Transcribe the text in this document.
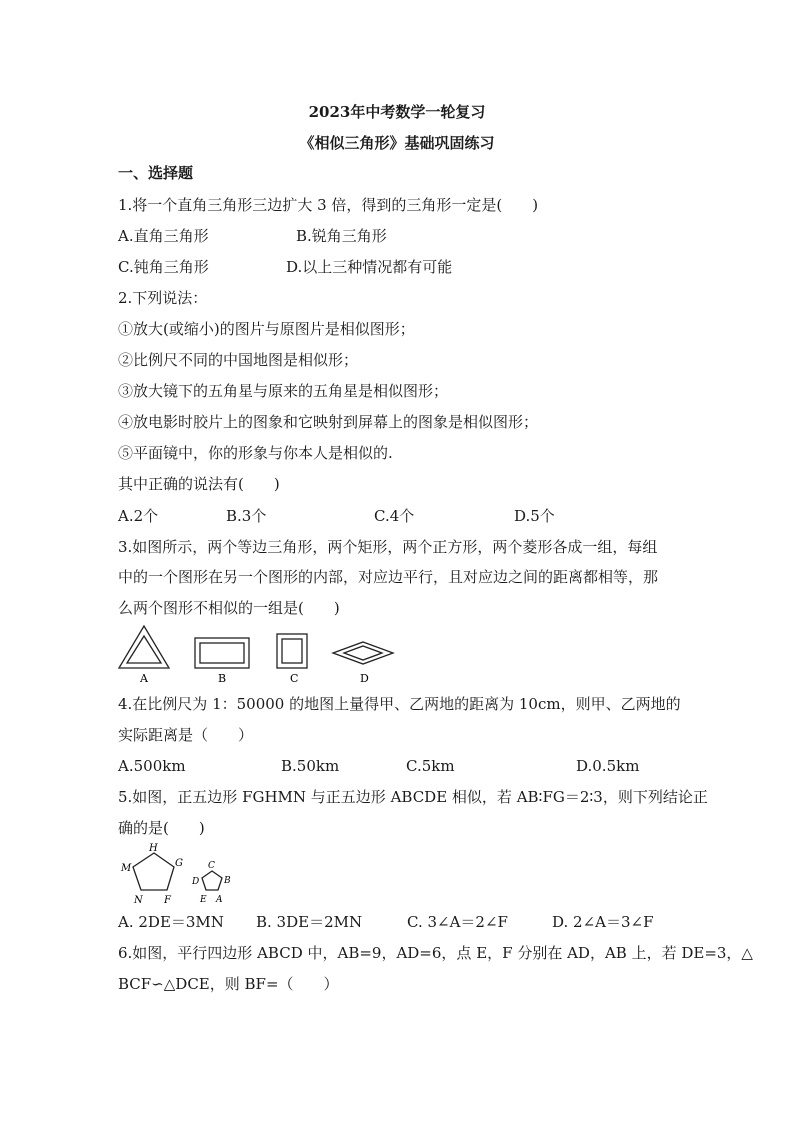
2023年中考数学一轮复习
《相似三角形》基础巩固练习
一、选择题
1.将一个直角三角形三边扩大 3 倍，得到的三角形一定是(　　)
A.直角三角形	B.锐角三角形
C.钝角三角形	D.以上三种情况都有可能
2.下列说法：
①放大(或缩小)的图片与原图片是相似图形；
②比例尺不同的中国地图是相似形；
③放大镜下的五角星与原来的五角星是相似图形；
④放电影时胶片上的图象和它映射到屏幕上的图象是相似图形；
⑤平面镜中，你的形象与你本人是相似的.
其中正确的说法有(　　)
A.2个	B.3个	C.4个	D.5个
3.如图所示，两个等边三角形，两个矩形，两个正方形，两个菱形各成一组，每组
中的一个图形在另一个图形的内部，对应边平行，且对应边之间的距离都相等，那
么两个图形不相似的一组是(　　)
A	B	C	D
4.在比例尺为 1：50000 的地图上量得甲、乙两地的距离为 10cm，则甲、乙两地的
实际距离是（　　）
A.500km	B.50km	C.5km	D.0.5km
5.如图，正五边形 FGHMN 与正五边形 ABCDE 相似，若 AB∶FG＝2∶3，则下列结论正
确的是(　　)
H
G
M
N F
C
B
D
E A
A. 2DE＝3MN B. 3DE＝2MN	C. 3∠A＝2∠F	D. 2∠A＝3∠F
6.如图，平行四边形 ABCD 中，AB=9，AD=6，点 E，F 分别在 AD，AB 上，若 DE=3，△
BCF∽△DCE，则 BF=（　　）
